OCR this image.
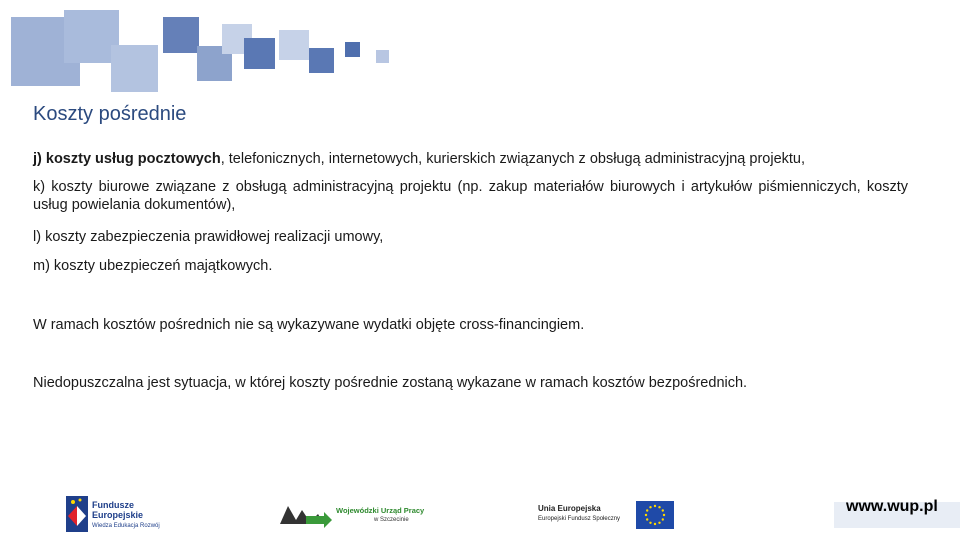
Koszty pośrednie

j) koszty usług pocztowych, telefonicznych, internetowych, kurierskich związanych z obsługą administracyjną projektu,

k) koszty biurowe związane z obsługą administracyjną projektu (np. zakup materiałów biurowych i artykułów piśmienniczych, koszty usług powielania dokumentów),

l) koszty zabezpieczenia prawidłowej realizacji umowy,

m) koszty ubezpieczeń majątkowych.

W ramach kosztów pośrednich nie są wykazywane wydatki objęte cross-financingiem.

Niedopuszczalna jest sytuacja, w której koszty pośrednie zostaną wykazane w ramach kosztów bezpośrednich.

Fundusze
Europejskie
Wiedza Edukacja Rozwój
Wojewódzki Urząd Pracy
w Szczecinie
Unia Europejska
Europejski Fundusz Społeczny
www.wup.pl
